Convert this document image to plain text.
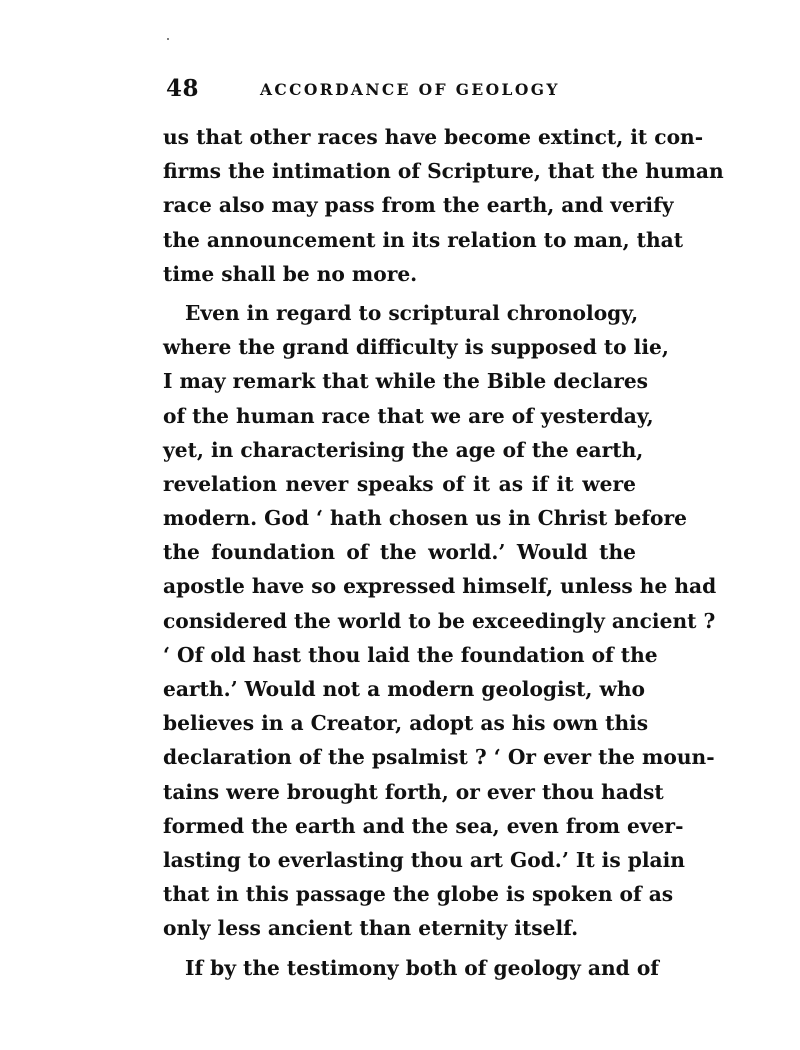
48	ACCORDANCE OF GEOLOGY
us that other races have become extinct, it con-
firms the intimation of Scripture, that the human
race also may pass from the earth, and verify
the announcement in its relation to man, that
time shall be no more.
Even in regard to scriptural chronology,
where the grand difficulty is supposed to lie,
I may remark that while the Bible declares
of the human race that we are of yesterday,
yet, in characterising the age of the earth,
revelation never speaks of it as if it were
modern. God ‘ hath chosen us in Christ before
the foundation of the world.’ Would the
apostle have so expressed himself, unless he had
considered the world to be exceedingly ancient ?
‘ Of old hast thou laid the foundation of the
earth.’ Would not a modern geologist, who
believes in a Creator, adopt as his own this
declaration of the psalmist ? ‘ Or ever the moun-
tains were brought forth, or ever thou hadst
formed the earth and the sea, even from ever-
lasting to everlasting thou art God.’ It is plain
that in this passage the globe is spoken of as
only less ancient than eternity itself.
If by the testimony both of geology and of
